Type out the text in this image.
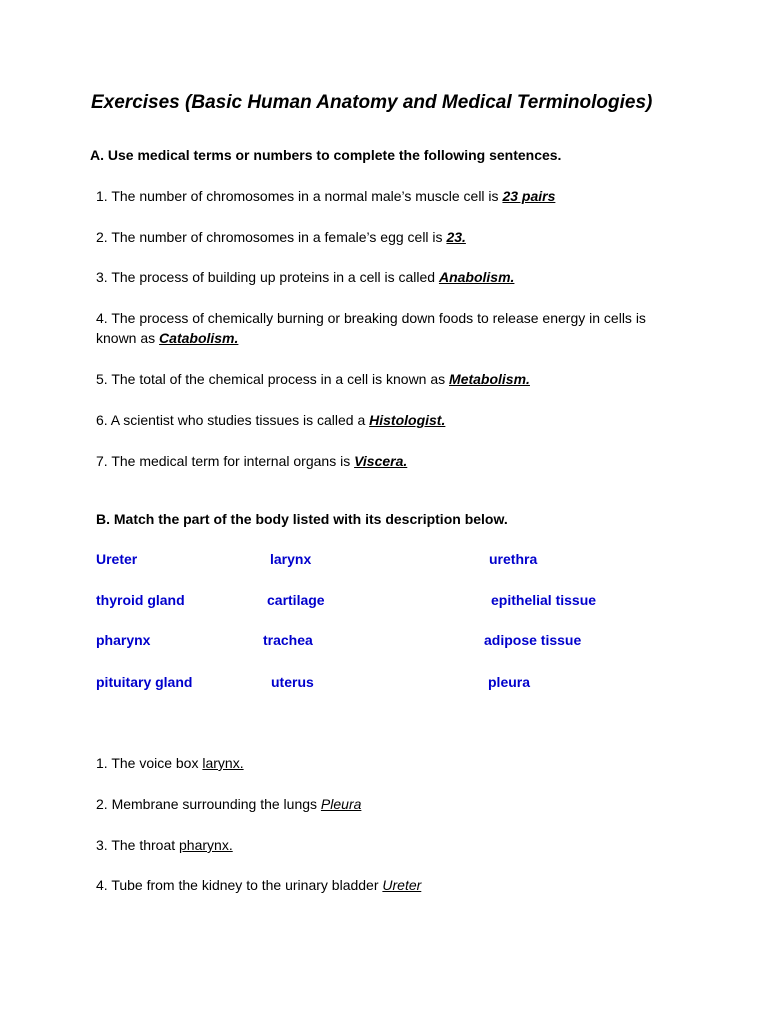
Exercises (Basic Human Anatomy and Medical Terminologies)
A. Use medical terms or numbers to complete the following sentences.
1. The number of chromosomes in a normal male’s muscle cell is 23 pairs
2. The number of chromosomes in a female’s egg cell is 23.
3. The process of building up proteins in a cell is called Anabolism.
4. The process of chemically burning or breaking down foods to release energy in cells is known as Catabolism.
5. The total of the chemical process in a cell is known as Metabolism.
6. A scientist who studies tissues is called a Histologist.
7. The medical term for internal organs is Viscera.
B. Match the part of the body listed with its description below.
Ureter	larynx	urethra
thyroid gland	cartilage	epithelial tissue
pharynx	trachea	adipose tissue
pituitary gland	uterus	pleura
1. The voice box larynx.
2. Membrane surrounding the lungs Pleura
3. The throat pharynx.
4. Tube from the kidney to the urinary bladder Ureter
